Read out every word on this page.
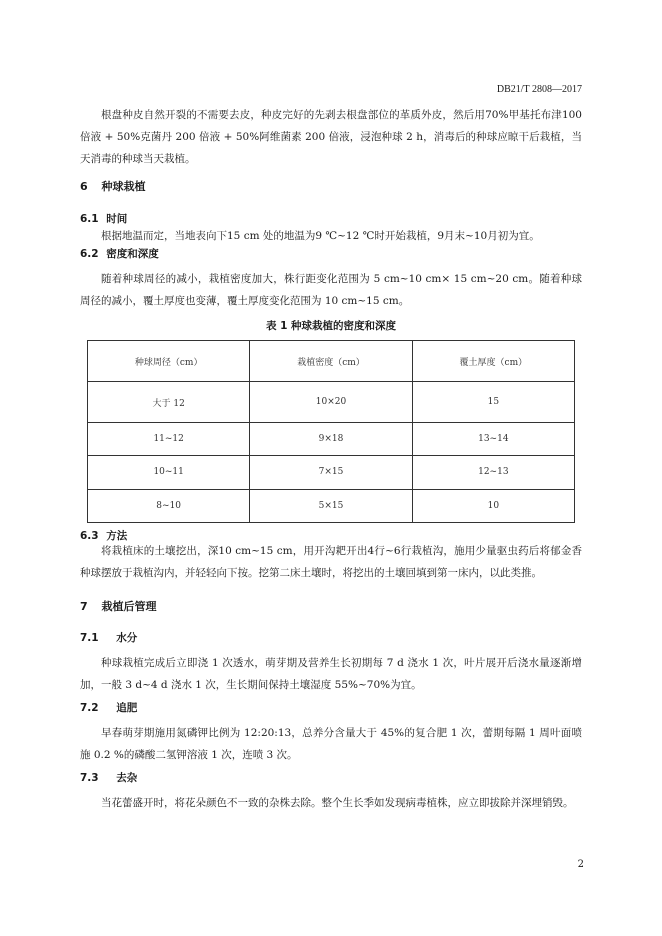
DB21/T 2808—2017

根盘种皮自然开裂的不需要去皮，种皮完好的先剥去根盘部位的革质外皮，然后用70%甲基托布津100 倍液 + 50%克菌丹 200 倍液 + 50%阿维菌素 200 倍液，浸泡种球 2 h，消毒后的种球应晾干后栽植，当天消毒的种球当天栽植。

6 种球栽植
6.1 时间

根据地温而定，当地表向下15 cm 处的地温为9 ℃~12 ℃时开始栽植，9月末~10月初为宜。

6.2 密度和深度

随着种球周径的减小，栽植密度加大，株行距变化范围为 5 cm~10 cm× 15 cm~20 cm。随着种球周径的减小，覆土厚度也变薄，覆土厚度变化范围为 10 cm~15 cm。

表 1 种球栽植的密度和深度
种球周径（cm）	栽植密度（cm）	覆土厚度（cm）
大于 12	10×20	15
11~12	9×18	13~14
10~11	7×15	12~13
8~10	5×15	10
6.3 方法

将栽植床的土壤挖出，深10 cm~15 cm，用开沟耙开出4行~6行栽植沟，施用少量驱虫药后将郁金香种球摆放于栽植沟内，并轻轻向下按。挖第二床土壤时，将挖出的土壤回填到第一床内，以此类推。

7 栽植后管理
7.1 水分

种球栽植完成后立即浇 1 次透水，萌芽期及营养生长初期每 7 d 浇水 1 次，叶片展开后浇水量逐渐增加，一般 3 d~4 d 浇水 1 次，生长期间保持土壤湿度 55%~70%为宜。

7.2 追肥

早春萌芽期施用氮磷钾比例为 12:20:13，总养分含量大于 45%的复合肥 1 次，蕾期每隔 1 周叶面喷施 0.2 %的磷酸二氢钾溶液 1 次，连喷 3 次。

7.3 去杂

当花蕾盛开时，将花朵颜色不一致的杂株去除。整个生长季如发现病毒植株，应立即拔除并深埋销毁。

2
